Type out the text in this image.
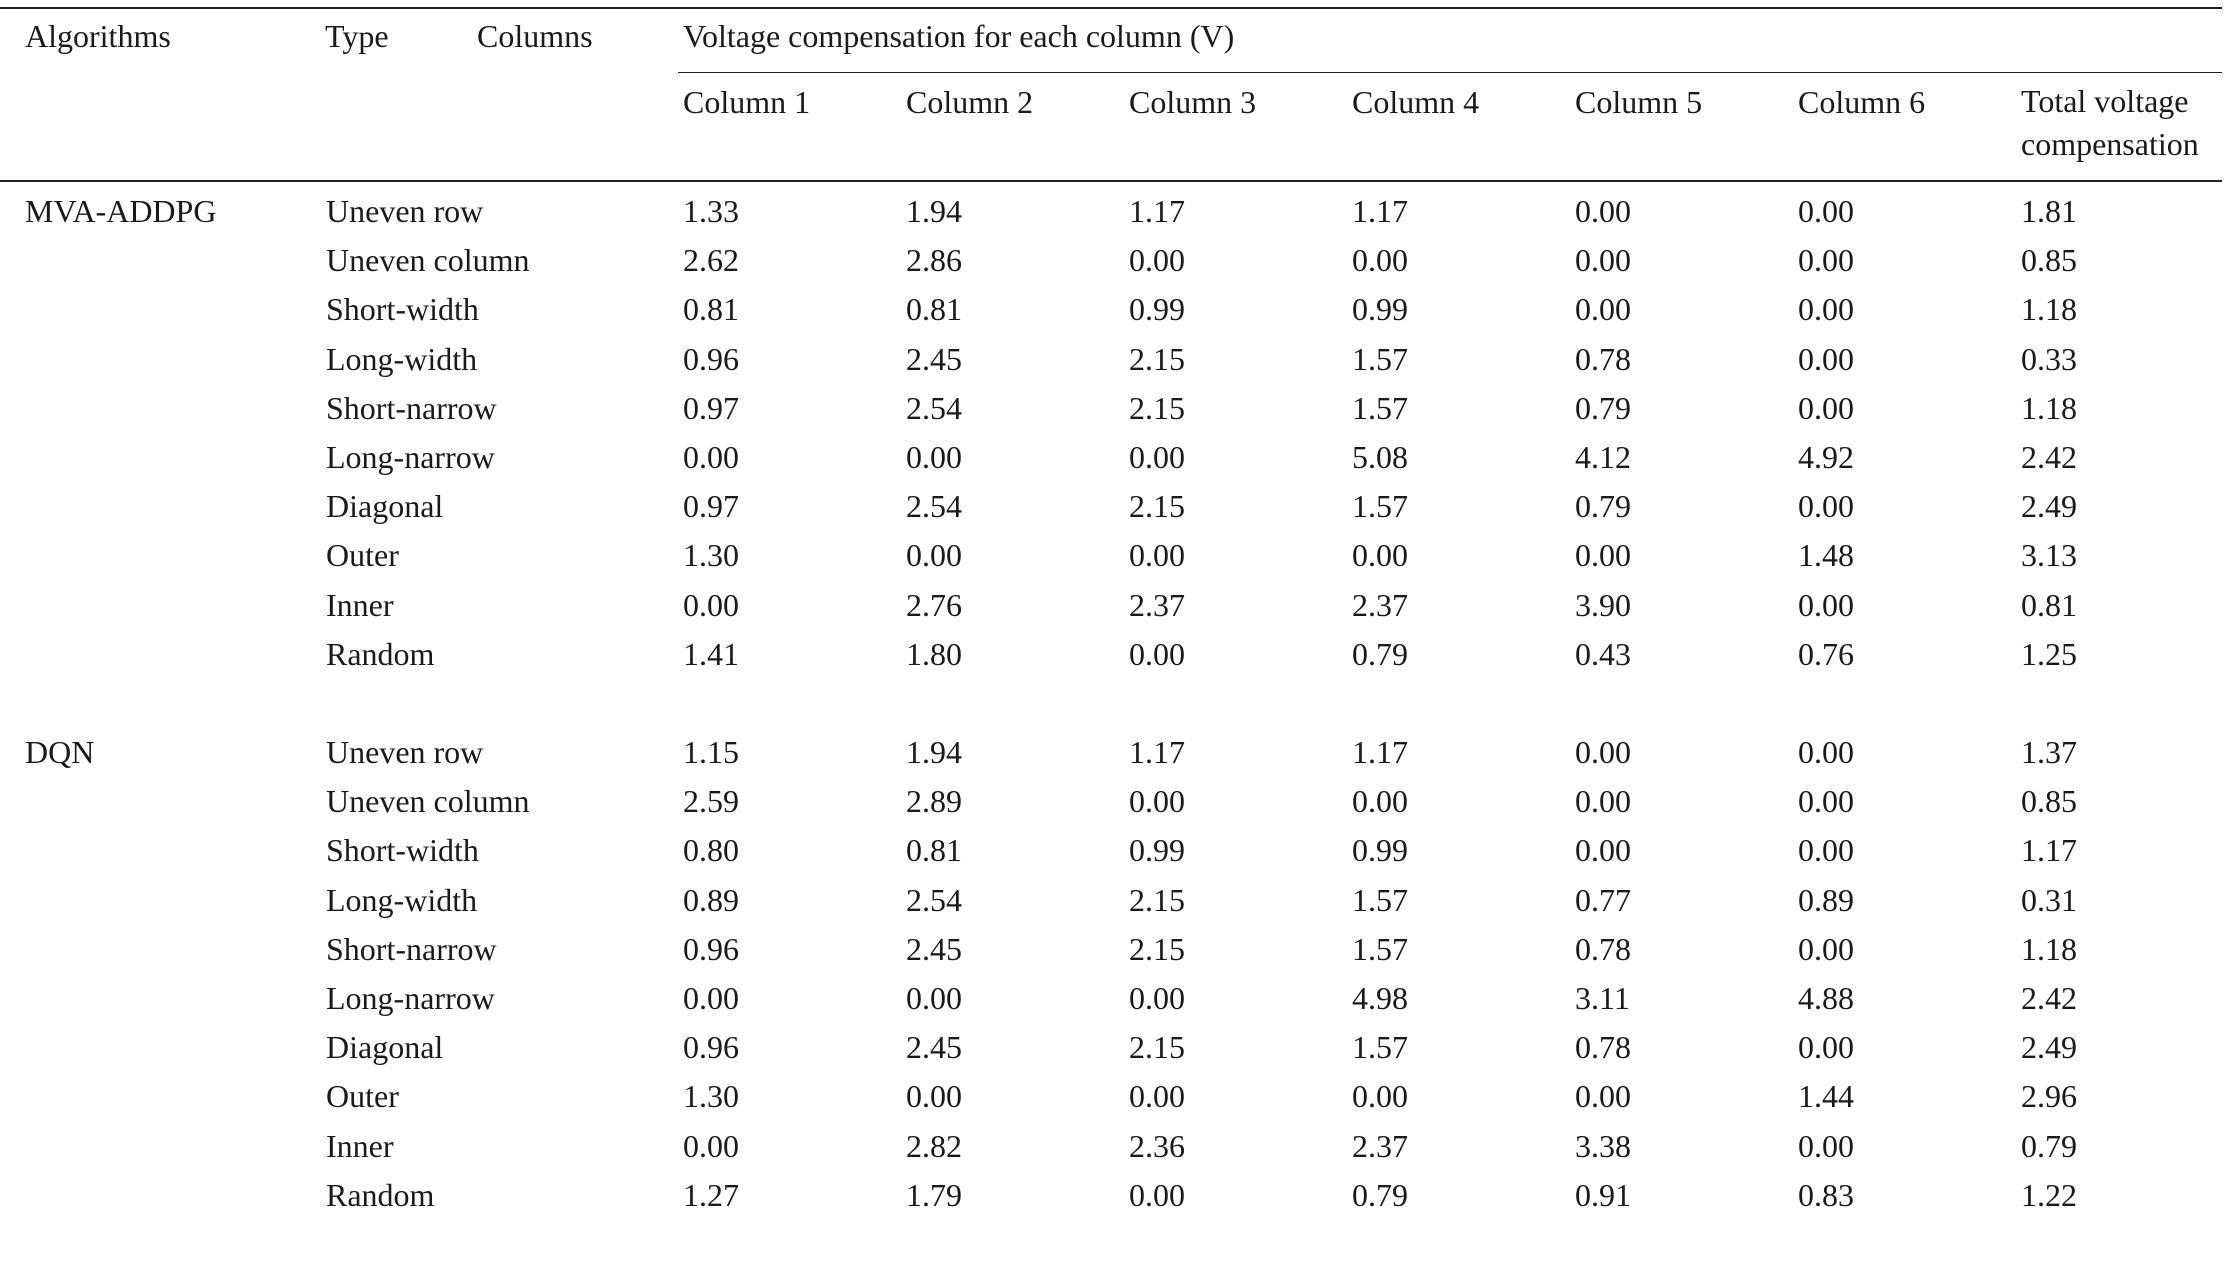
Algorithms	Type	Columns	Voltage compensation for each column (V)
Column 1	Column 2	Column 3	Column 4	Column 5	Column 6	Total voltage
compensation
MVA-ADDPG	Uneven row	1.33	1.94	1.17	1.17	0.00	0.00	1.81
Uneven column	2.62	2.86	0.00	0.00	0.00	0.00	0.85
Short-width	0.81	0.81	0.99	0.99	0.00	0.00	1.18
Long-width	0.96	2.45	2.15	1.57	0.78	0.00	0.33
Short-narrow	0.97	2.54	2.15	1.57	0.79	0.00	1.18
Long-narrow	0.00	0.00	0.00	5.08	4.12	4.92	2.42
Diagonal	0.97	2.54	2.15	1.57	0.79	0.00	2.49
Outer	1.30	0.00	0.00	0.00	0.00	1.48	3.13
Inner	0.00	2.76	2.37	2.37	3.90	0.00	0.81
Random	1.41	1.80	0.00	0.79	0.43	0.76	1.25
DQN	Uneven row	1.15	1.94	1.17	1.17	0.00	0.00	1.37
Uneven column	2.59	2.89	0.00	0.00	0.00	0.00	0.85
Short-width	0.80	0.81	0.99	0.99	0.00	0.00	1.17
Long-width	0.89	2.54	2.15	1.57	0.77	0.89	0.31
Short-narrow	0.96	2.45	2.15	1.57	0.78	0.00	1.18
Long-narrow	0.00	0.00	0.00	4.98	3.11	4.88	2.42
Diagonal	0.96	2.45	2.15	1.57	0.78	0.00	2.49
Outer	1.30	0.00	0.00	0.00	0.00	1.44	2.96
Inner	0.00	2.82	2.36	2.37	3.38	0.00	0.79
Random	1.27	1.79	0.00	0.79	0.91	0.83	1.22
